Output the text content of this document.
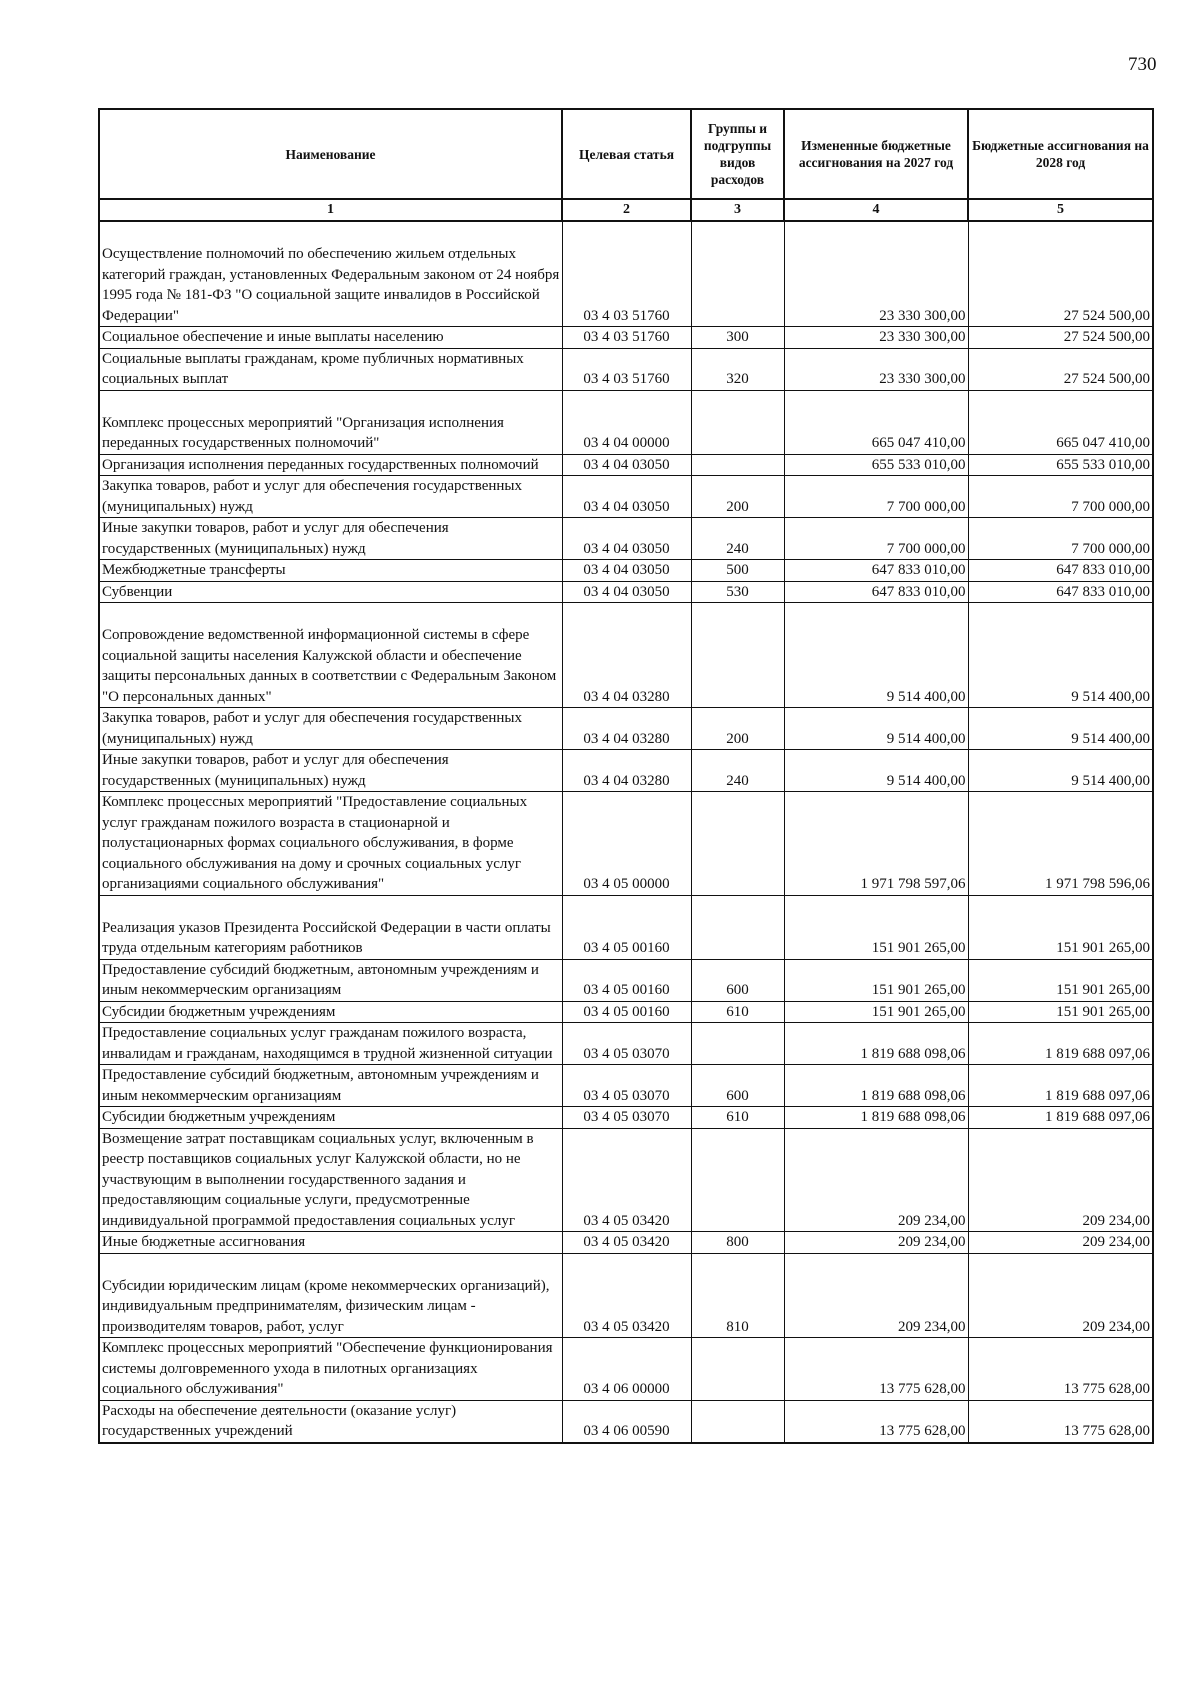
730
Наименование	Целевая статья	Группы и подгруппы видов расходов	Измененные бюджетные ассигнования на 2027 год	Бюджетные ассигнования на 2028 год
1	2	3	4	5
Осуществление полномочий по обеспечению жильем отдельных категорий граждан, установленных Федеральным законом от 24 ноября 1995 года № 181-ФЗ "О социальной защите инвалидов в Российской Федерации"	03 4 03 51760		23 330 300,00	27 524 500,00
Социальное обеспечение и иные выплаты населению	03 4 03 51760	300	23 330 300,00	27 524 500,00
Социальные выплаты гражданам, кроме публичных нормативных социальных выплат	03 4 03 51760	320	23 330 300,00	27 524 500,00
Комплекс процессных мероприятий "Организация исполнения переданных государственных полномочий"	03 4 04 00000		665 047 410,00	665 047 410,00
Организация исполнения переданных государственных полномочий	03 4 04 03050		655 533 010,00	655 533 010,00
Закупка товаров, работ и услуг для обеспечения государственных (муниципальных) нужд	03 4 04 03050	200	7 700 000,00	7 700 000,00
Иные закупки товаров, работ и услуг для обеспечения государственных (муниципальных) нужд	03 4 04 03050	240	7 700 000,00	7 700 000,00
Межбюджетные трансферты	03 4 04 03050	500	647 833 010,00	647 833 010,00
Субвенции	03 4 04 03050	530	647 833 010,00	647 833 010,00
Сопровождение ведомственной информационной системы в сфере социальной защиты населения Калужской области и обеспечение защиты персональных данных в соответствии с Федеральным Законом "О персональных данных"	03 4 04 03280		9 514 400,00	9 514 400,00
Закупка товаров, работ и услуг для обеспечения государственных (муниципальных) нужд	03 4 04 03280	200	9 514 400,00	9 514 400,00
Иные закупки товаров, работ и услуг для обеспечения государственных (муниципальных) нужд	03 4 04 03280	240	9 514 400,00	9 514 400,00
Комплекс процессных мероприятий "Предоставление социальных услуг гражданам пожилого возраста в стационарной и полустационарных формах социального обслуживания, в форме социального обслуживания на дому и срочных социальных услуг организациями социального обслуживания"	03 4 05 00000		1 971 798 597,06	1 971 798 596,06
Реализация указов Президента Российской Федерации в части оплаты труда отдельным категориям работников	03 4 05 00160		151 901 265,00	151 901 265,00
Предоставление субсидий бюджетным, автономным учреждениям и иным некоммерческим организациям	03 4 05 00160	600	151 901 265,00	151 901 265,00
Субсидии бюджетным учреждениям	03 4 05 00160	610	151 901 265,00	151 901 265,00
Предоставление социальных услуг гражданам пожилого возраста, инвалидам и гражданам, находящимся в трудной жизненной ситуации	03 4 05 03070		1 819 688 098,06	1 819 688 097,06
Предоставление субсидий бюджетным, автономным учреждениям и иным некоммерческим организациям	03 4 05 03070	600	1 819 688 098,06	1 819 688 097,06
Субсидии бюджетным учреждениям	03 4 05 03070	610	1 819 688 098,06	1 819 688 097,06
Возмещение затрат поставщикам социальных услуг, включенным в реестр поставщиков социальных услуг Калужской области, но не участвующим в выполнении государственного задания и предоставляющим социальные услуги, предусмотренные индивидуальной программой предоставления социальных услуг	03 4 05 03420		209 234,00	209 234,00
Иные бюджетные ассигнования	03 4 05 03420	800	209 234,00	209 234,00
Субсидии юридическим лицам (кроме некоммерческих организаций), индивидуальным предпринимателям, физическим лицам - производителям товаров, работ, услуг	03 4 05 03420	810	209 234,00	209 234,00
Комплекс процессных мероприятий "Обеспечение функционирования системы долговременного ухода в пилотных организациях социального обслуживания"	03 4 06 00000		13 775 628,00	13 775 628,00
Расходы на обеспечение деятельности (оказание услуг) государственных учреждений	03 4 06 00590		13 775 628,00	13 775 628,00
